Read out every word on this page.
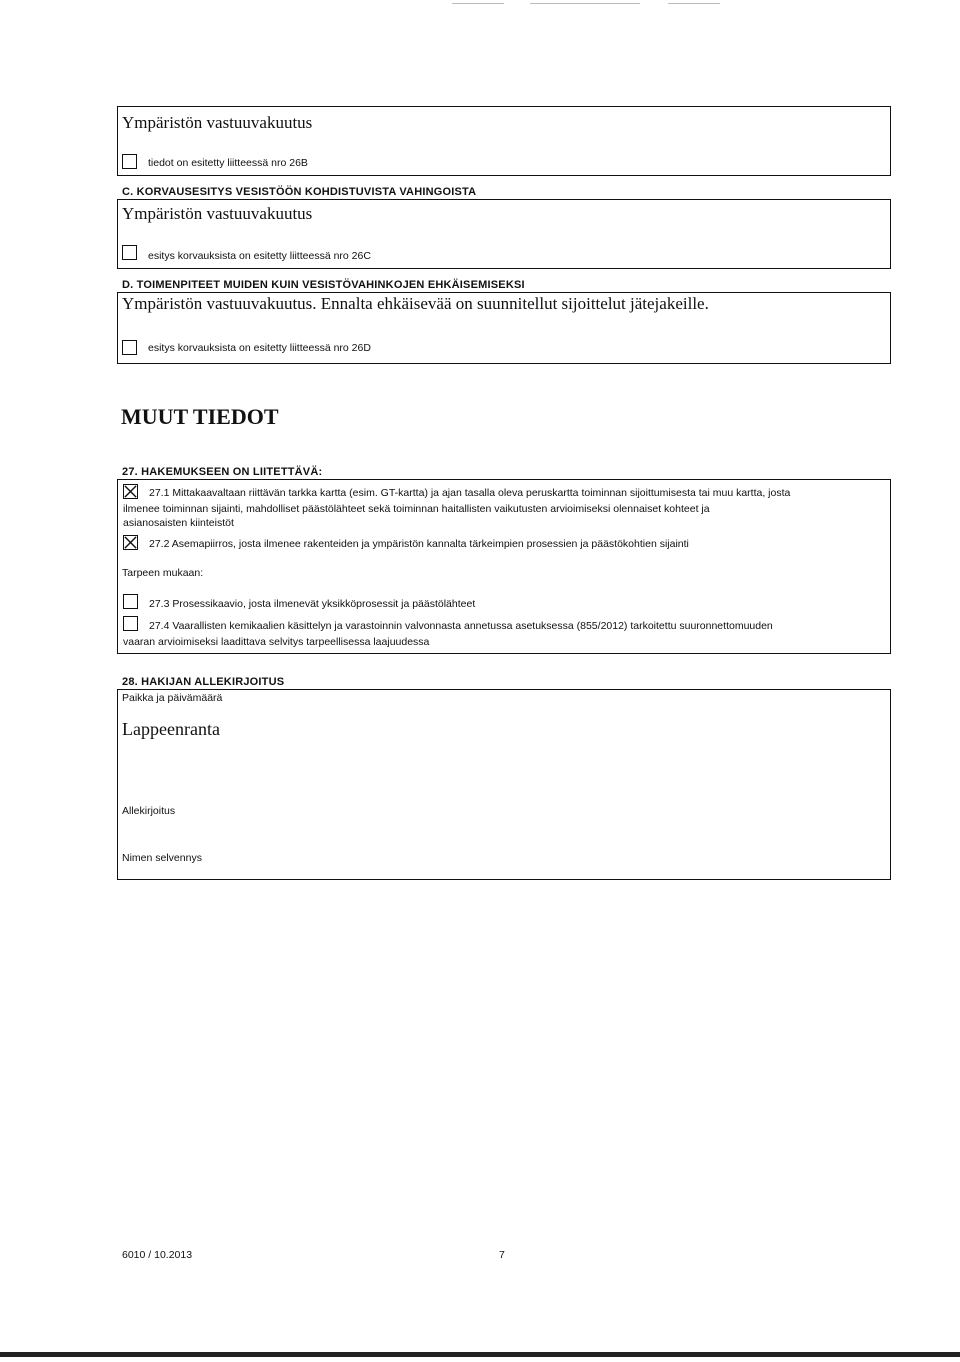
Ympäristön vastuuvakuutus
tiedot on esitetty liitteessä nro 26B
C. KORVAUSESITYS VESISTÖÖN KOHDISTUVISTA VAHINGOISTA
Ympäristön vastuuvakuutus
esitys korvauksista on esitetty liitteessä nro 26C
D. TOIMENPITEET MUIDEN KUIN VESISTÖVAHINKOJEN EHKÄISEMISEKSI
Ympäristön vastuuvakuutus. Ennalta ehkäisevää on suunnitellut sijoittelut jätejakeille.
esitys korvauksista on esitetty liitteessä nro 26D
MUUT TIEDOT
27. HAKEMUKSEEN ON LIITETTÄVÄ:
27.1 Mittakaavaltaan riittävän tarkka kartta (esim. GT-kartta) ja ajan tasalla oleva peruskartta toiminnan sijoittumisesta tai muu kartta, josta
ilmenee toiminnan sijainti, mahdolliset päästölähteet sekä toiminnan haitallisten vaikutusten arvioimiseksi olennaiset kohteet ja
asianosaisten kiinteistöt
27.2 Asemapiirros, josta ilmenee rakenteiden ja ympäristön kannalta tärkeimpien prosessien ja päästökohtien sijainti
Tarpeen mukaan:
27.3 Prosessikaavio, josta ilmenevät yksikköprosessit ja päästölähteet
27.4 Vaarallisten kemikaalien käsittelyn ja varastoinnin valvonnasta annetussa asetuksessa (855/2012) tarkoitettu suuronnettomuuden
vaaran arvioimiseksi laadittava selvitys tarpeellisessa laajuudessa
28. HAKIJAN ALLEKIRJOITUS
Paikka ja päivämäärä
Lappeenranta
Allekirjoitus
Nimen selvennys
6010 / 10.2013	7
